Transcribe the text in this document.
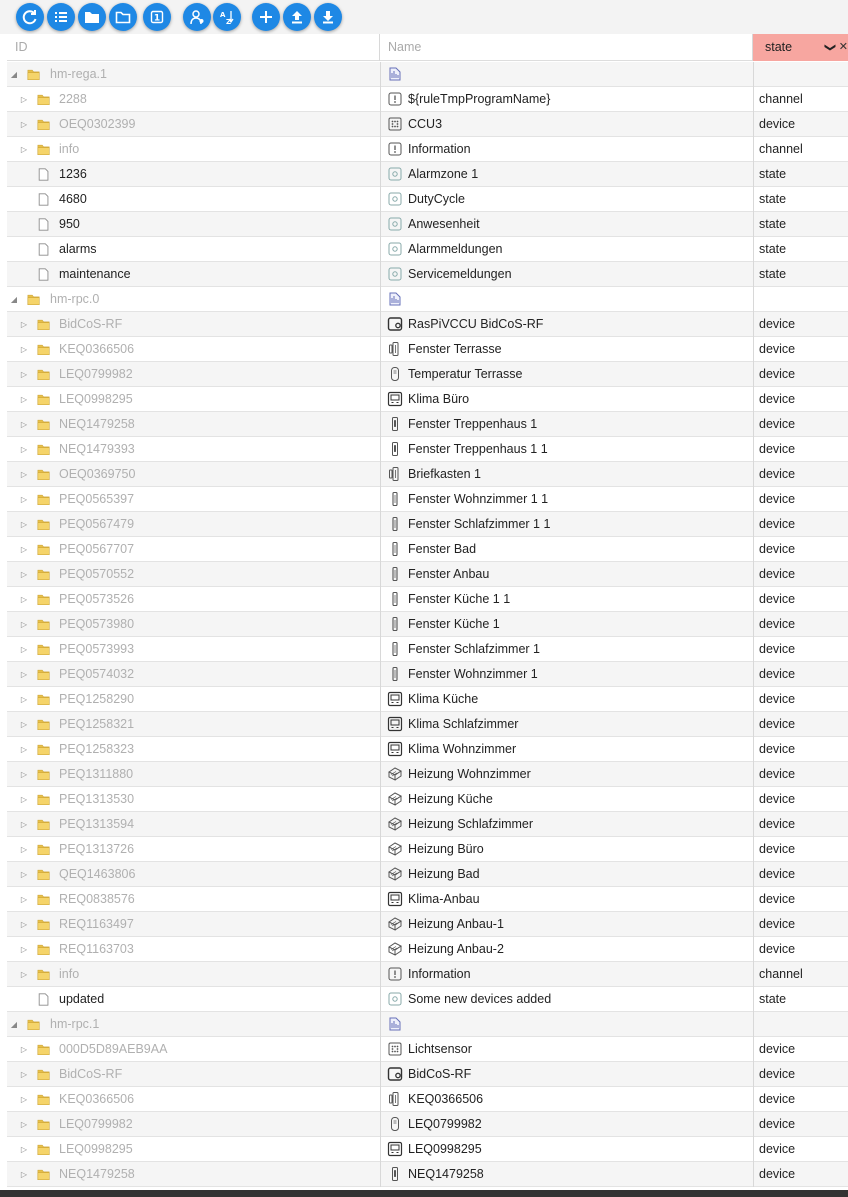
1	A
Z
ID	Name	state	❯ ✕
◢	hm-rega.1
▷	2288	${ruleTmpProgramName}	channel
▷	OEQ0302399	CCU3	device
▷	info	Information	channel
1236	Alarmzone 1	state
4680	DutyCycle	state
950	Anwesenheit	state
alarms	Alarmmeldungen	state
maintenance	Servicemeldungen	state
◢	hm-rpc.0
▷	BidCoS-RF	RasPiVCCU BidCoS-RF	device
▷	KEQ0366506	Fenster Terrasse	device
▷	LEQ0799982	Temperatur Terrasse	device
▷	LEQ0998295	Klima Büro	device
▷	NEQ1479258	Fenster Treppenhaus 1	device
▷	NEQ1479393	Fenster Treppenhaus 1 1	device
▷	OEQ0369750	Briefkasten 1	device
▷	PEQ0565397	Fenster Wohnzimmer 1 1	device
▷	PEQ0567479	Fenster Schlafzimmer 1 1	device
▷	PEQ0567707	Fenster Bad	device
▷	PEQ0570552	Fenster Anbau	device
▷	PEQ0573526	Fenster Küche 1 1	device
▷	PEQ0573980	Fenster Küche 1	device
▷	PEQ0573993	Fenster Schlafzimmer 1	device
▷	PEQ0574032	Fenster Wohnzimmer 1	device
▷	PEQ1258290	Klima Küche	device
▷	PEQ1258321	Klima Schlafzimmer	device
▷	PEQ1258323	Klima Wohnzimmer	device
▷	PEQ1311880	Heizung Wohnzimmer	device
▷	PEQ1313530	Heizung Küche	device
▷	PEQ1313594	Heizung Schlafzimmer	device
▷	PEQ1313726	Heizung Büro	device
▷	QEQ1463806	Heizung Bad	device
▷	REQ0838576	Klima-Anbau	device
▷	REQ1163497	Heizung Anbau-1	device
▷	REQ1163703	Heizung Anbau-2	device
▷	info	Information	channel
updated	Some new devices added	state
◢	hm-rpc.1
▷	000D5D89AEB9AA	Lichtsensor	device
▷	BidCoS-RF	BidCoS-RF	device
▷	KEQ0366506	KEQ0366506	device
▷	LEQ0799982	LEQ0799982	device
▷	LEQ0998295	LEQ0998295	device
▷	NEQ1479258	NEQ1479258	device
